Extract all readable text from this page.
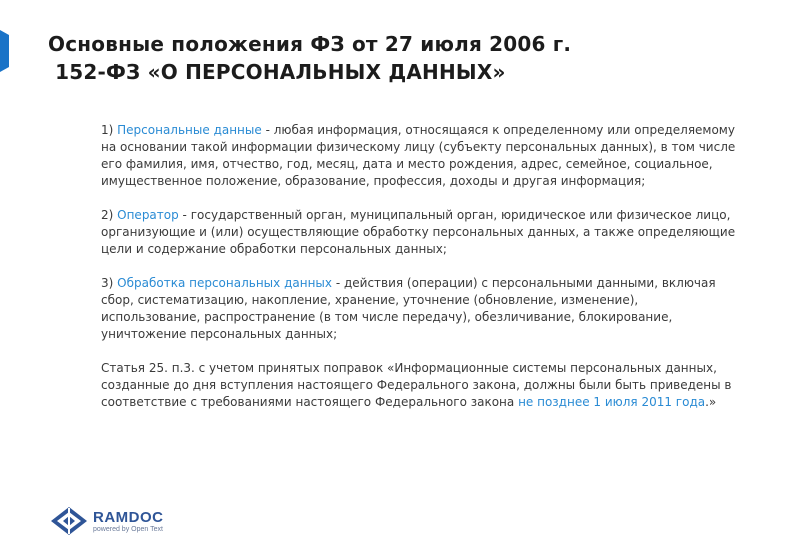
Основные положения ФЗ от 27 июля 2006 г.
152-ФЗ «О ПЕРСОНАЛЬНЫХ ДАННЫХ»

1) Персональные данные - любая информация, относящаяся к определенному или определяемому на основании такой информации физическому лицу (субъекту персональных данных), в том числе его фамилия, имя, отчество, год, месяц, дата и место рождения, адрес, семейное, социальное, имущественное положение, образование, профессия, доходы и другая информация;

2) Оператор - государственный орган, муниципальный орган, юридическое или физическое лицо, организующие и (или) осуществляющие обработку персональных данных, а также определяющие цели и содержание обработки персональных данных;

3) Обработка персональных данных - действия (операции) с персональными данными, включая сбор, систематизацию, накопление, хранение, уточнение (обновление, изменение), использование, распространение (в том числе передачу), обезличивание, блокирование, уничтожение персональных данных;

Статья 25. п.3. с учетом принятых поправок «Информационные системы персональных данных, созданные до дня вступления настоящего Федерального закона, должны были быть приведены в соответствие с требованиями настоящего Федерального закона не позднее 1 июля 2011 года.»

RAMDOC
powered by Open Text
